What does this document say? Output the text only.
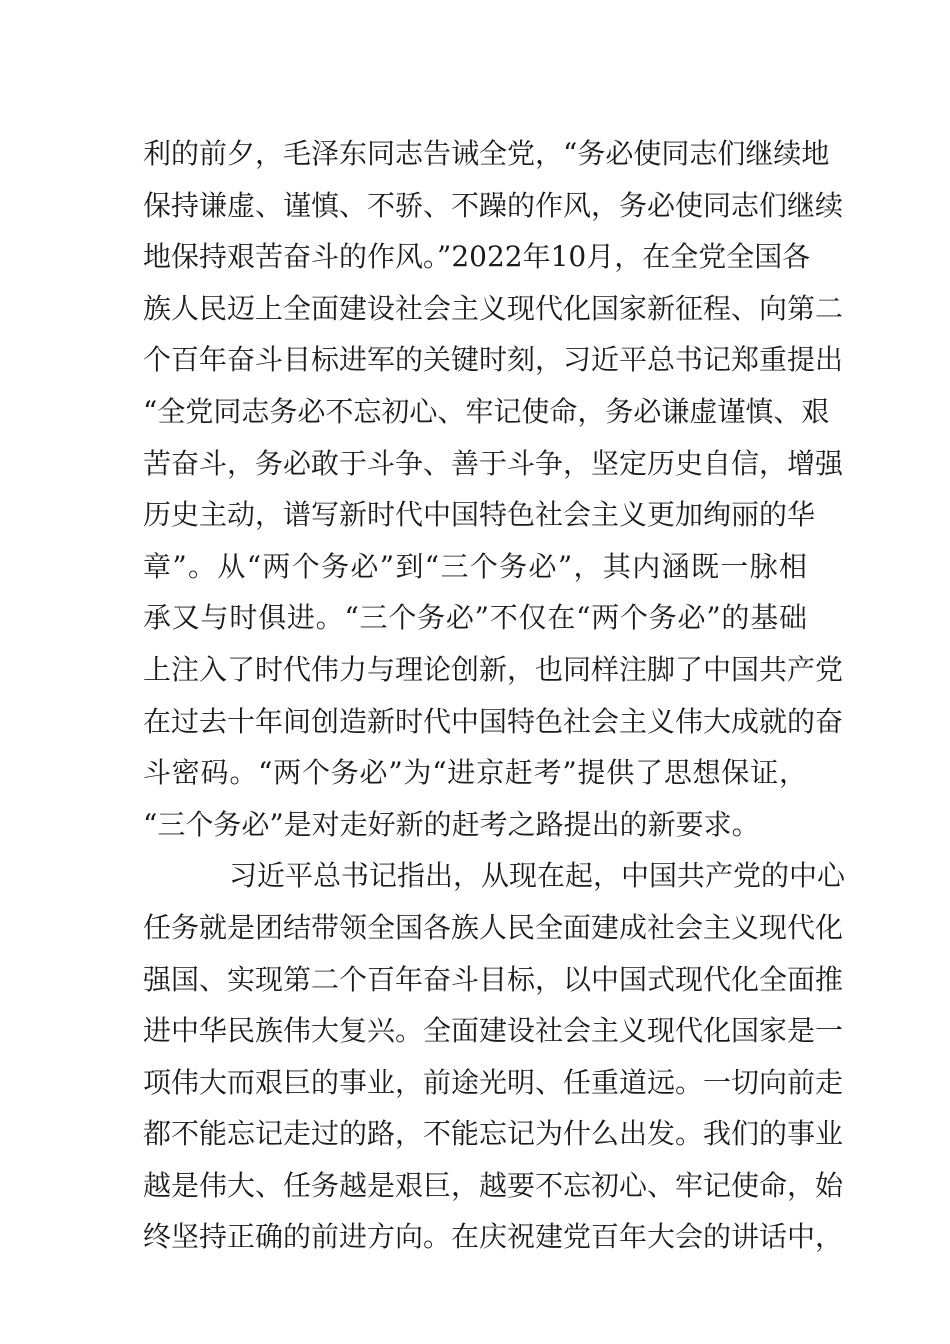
利的前夕，毛泽东同志告诫全党，“务必使同志们继续地
保持谦虚、谨慎、不骄、不躁的作风，务必使同志们继续
地保持艰苦奋斗的作风。”2022年10月，在全党全国各
族人民迈上全面建设社会主义现代化国家新征程、向第二
个百年奋斗目标进军的关键时刻，习近平总书记郑重提出
“全党同志务必不忘初心、牢记使命，务必谦虚谨慎、艰
苦奋斗，务必敢于斗争、善于斗争，坚定历史自信，增强
历史主动，谱写新时代中国特色社会主义更加绚丽的华
章”。从“两个务必”到“三个务必”，其内涵既一脉相
承又与时俱进。“三个务必”不仅在“两个务必”的基础
上注入了时代伟力与理论创新，也同样注脚了中国共产党
在过去十年间创造新时代中国特色社会主义伟大成就的奋
斗密码。“两个务必”为“进京赶考”提供了思想保证，
“三个务必”是对走好新的赶考之路提出的新要求。
习近平总书记指出，从现在起，中国共产党的中心
任务就是团结带领全国各族人民全面建成社会主义现代化
强国、实现第二个百年奋斗目标，以中国式现代化全面推
进中华民族伟大复兴。全面建设社会主义现代化国家是一
项伟大而艰巨的事业，前途光明、任重道远。一切向前走
都不能忘记走过的路，不能忘记为什么出发。我们的事业
越是伟大、任务越是艰巨，越要不忘初心、牢记使命，始
终坚持正确的前进方向。在庆祝建党百年大会的讲话中，
